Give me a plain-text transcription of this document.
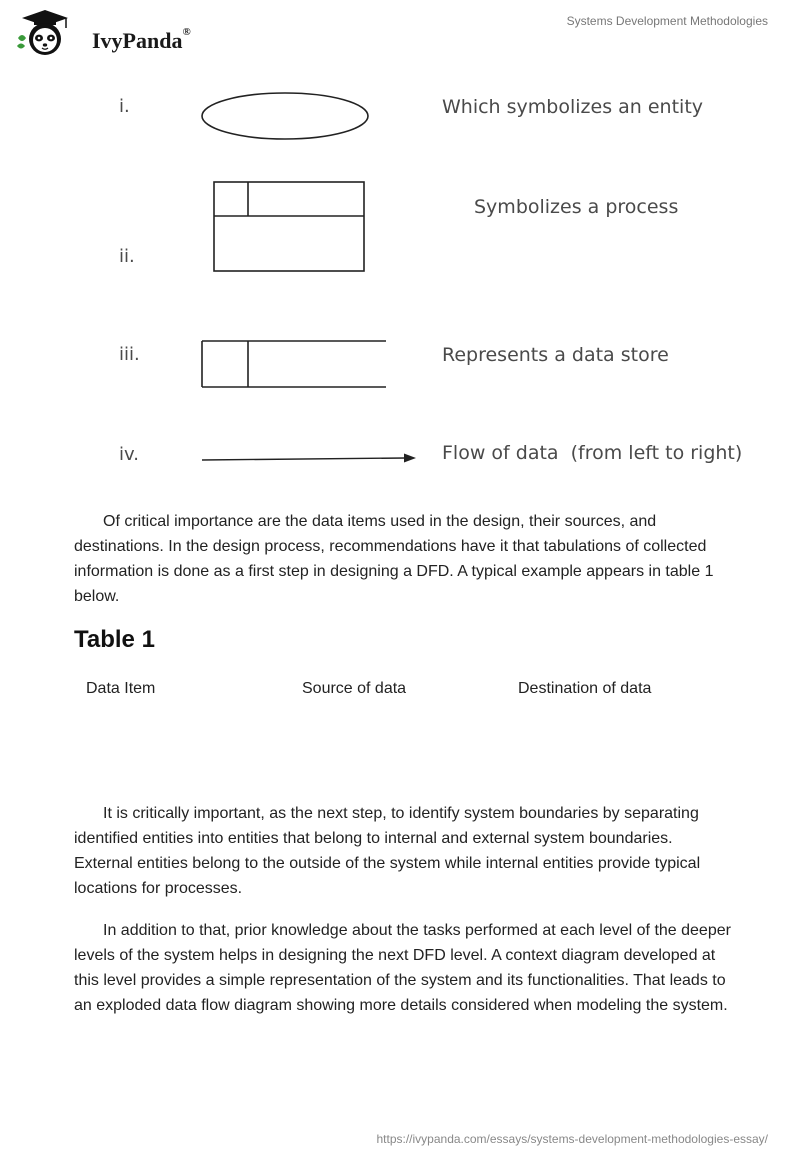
IvyPanda®
Systems Development Methodologies
i.	Which symbolizes an entity
ii.
Symbolizes a process
iii.	Represents a data store
iv.	Flow of data  (from left to right)

Of critical importance are the data items used in the design, their sources, and destinations. In the design process, recommendations have it that tabulations of collected information is done as a first step in designing a DFD. A typical example appears in table 1 below.

Table 1
Data Item	Source of data	Destination of data

It is critically important, as the next step, to identify system boundaries by separating identified entities into entities that belong to internal and external system boundaries. External entities belong to the outside of the system while internal entities provide typical locations for processes.

In addition to that, prior knowledge about the tasks performed at each level of the deeper levels of the system helps in designing the next DFD level. A context diagram developed at this level provides a simple representation of the system and its functionalities. That leads to an exploded data flow diagram showing more details considered when modeling the system.

https://ivypanda.com/essays/systems-development-methodologies-essay/
